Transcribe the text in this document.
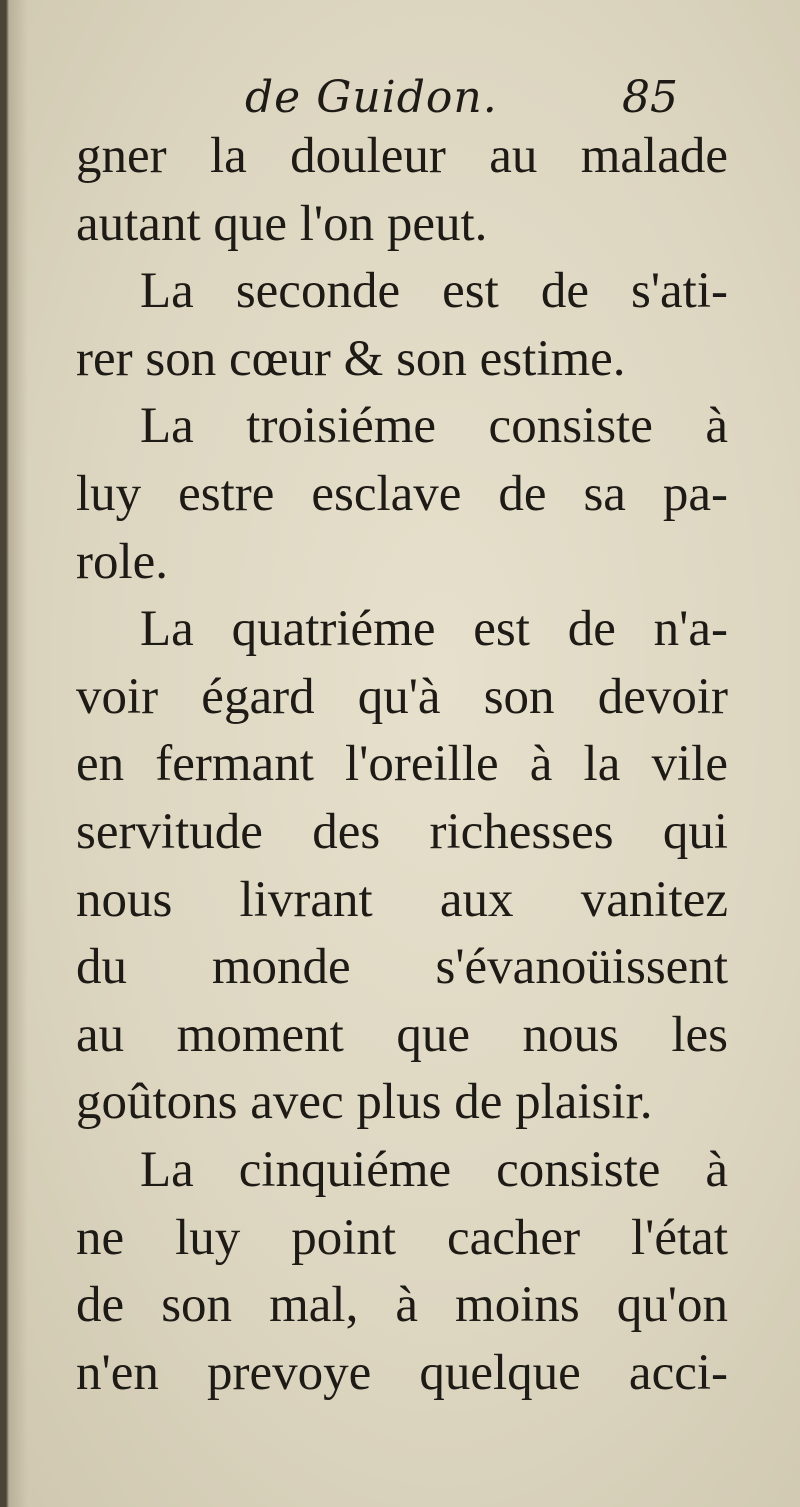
de Guidon.	85
gner la douleur au malade
autant que l'on peut.
La seconde est de s'ati-
rer son cœur & son estime.
La troisiéme consiste à
luy estre esclave de sa pa-
role.
La quatriéme est de n'a-
voir égard qu'à son devoir
en fermant l'oreille à la vile
servitude des richesses qui
nous livrant aux vanitez
du monde s'évanoüissent
au moment que nous les
goûtons avec plus de plaisir.
La cinquiéme consiste à
ne luy point cacher l'état
de son mal, à moins qu'on
n'en prevoye quelque acci-
